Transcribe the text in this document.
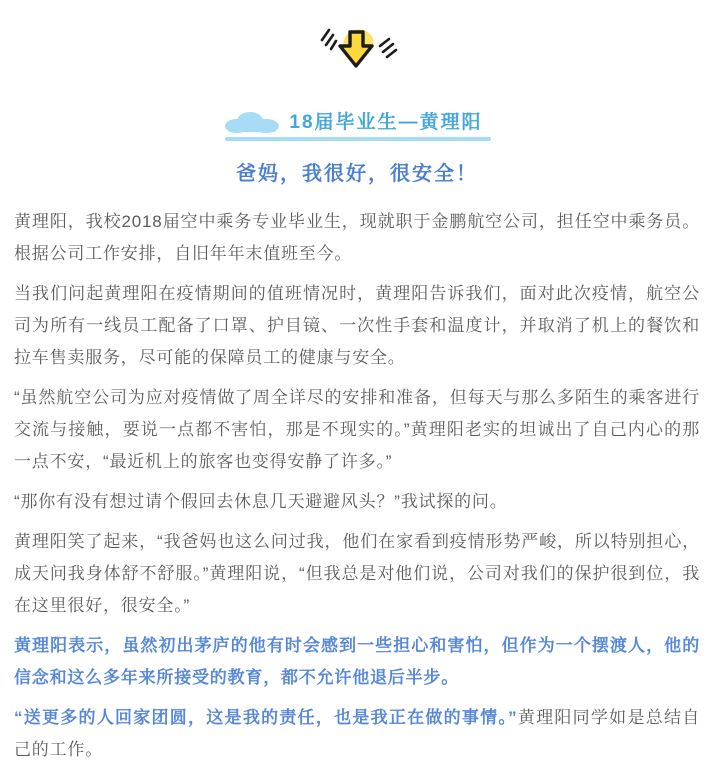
18届毕业生—黄理阳
爸妈，我很好，很安全！

黄理阳，我校2018届空中乘务专业毕业生，现就职于金鹏航空公司，担任空中乘务员。根据公司工作安排，自旧年年末值班至今。

当我们问起黄理阳在疫情期间的值班情况时，黄理阳告诉我们，面对此次疫情，航空公司为所有一线员工配备了口罩、护目镜、一次性手套和温度计，并取消了机上的餐饮和拉车售卖服务，尽可能的保障员工的健康与安全。

“虽然航空公司为应对疫情做了周全详尽的安排和准备，但每天与那么多陌生的乘客进行交流与接触，要说一点都不害怕，那是不现实的。”黄理阳老实的坦诚出了自己内心的那一点不安，“最近机上的旅客也变得安静了许多。”

“那你有没有想过请个假回去休息几天避避风头？”我试探的问。

黄理阳笑了起来，“我爸妈也这么问过我，他们在家看到疫情形势严峻，所以特别担心，成天问我身体舒不舒服。”黄理阳说，“但我总是对他们说，公司对我们的保护很到位，我在这里很好，很安全。”

黄理阳表示，虽然初出茅庐的他有时会感到一些担心和害怕，但作为一个摆渡人，他的信念和这么多年来所接受的教育，都不允许他退后半步。

“送更多的人回家团圆，这是我的责任，也是我正在做的事情。”黄理阳同学如是总结自己的工作。
